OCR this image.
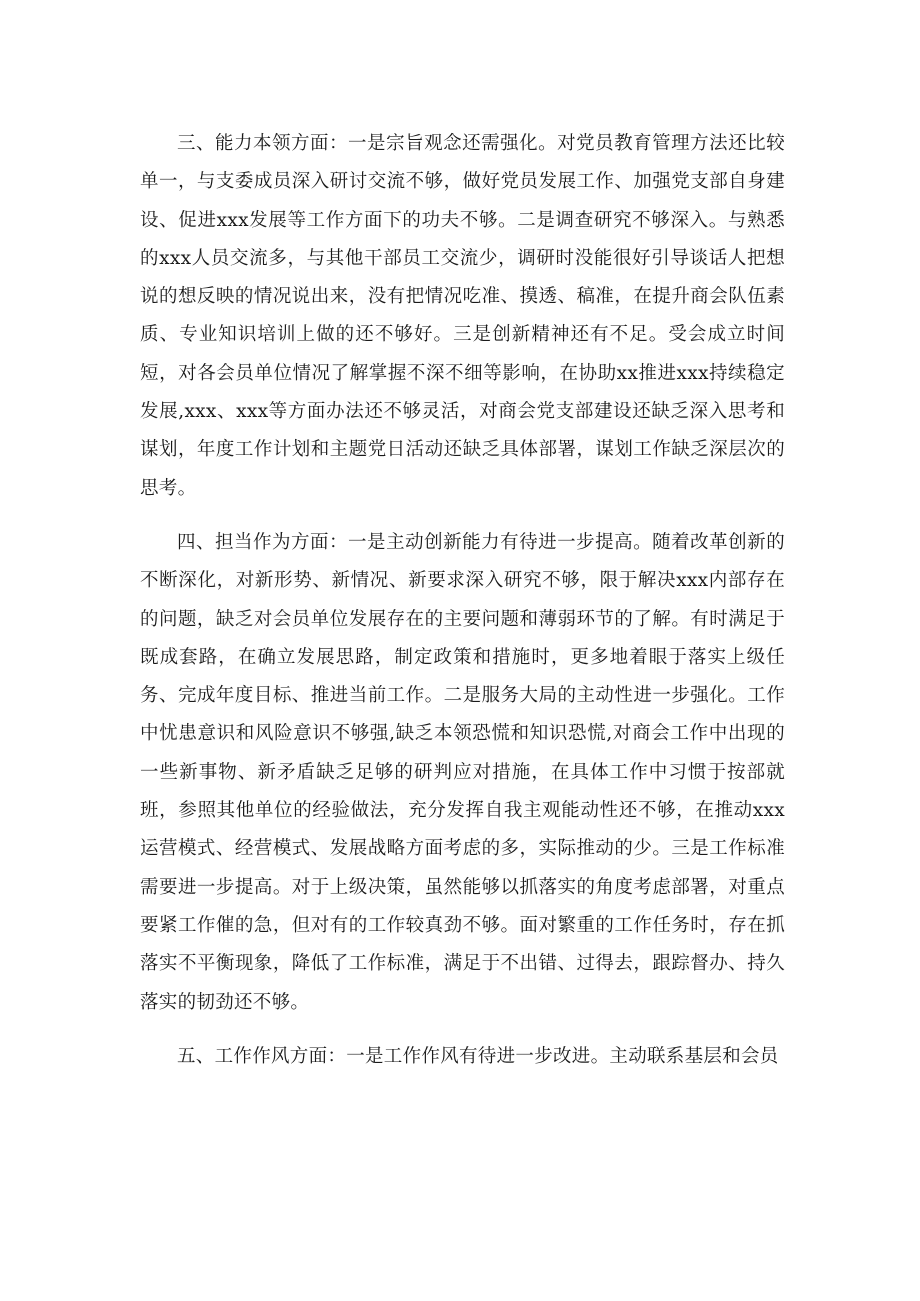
三、能力本领方面：一是宗旨观念还需强化。对党员教育管理方法还比较单一，与支委成员深入研讨交流不够，做好党员发展工作、加强党支部自身建设、促进xxx发展等工作方面下的功夫不够。二是调查研究不够深入。与熟悉的xxx人员交流多，与其他干部员工交流少，调研时没能很好引导谈话人把想说的想反映的情况说出来，没有把情况吃准、摸透、稿准，在提升商会队伍素质、专业知识培训上做的还不够好。三是创新精神还有不足。受会成立时间短，对各会员单位情况了解掌握不深不细等影响，在协助xx推进xxx持续稳定发展,xxx、xxx等方面办法还不够灵活，对商会党支部建设还缺乏深入思考和谋划，年度工作计划和主题党日活动还缺乏具体部署，谋划工作缺乏深层次的思考。

四、担当作为方面：一是主动创新能力有待进一步提高。随着改革创新的不断深化，对新形势、新情况、新要求深入研究不够，限于解决xxx内部存在的问题，缺乏对会员单位发展存在的主要问题和薄弱环节的了解。有时满足于既成套路，在确立发展思路，制定政策和措施时，更多地着眼于落实上级任务、完成年度目标、推进当前工作。二是服务大局的主动性进一步强化。工作中忧患意识和风险意识不够强,缺乏本领恐慌和知识恐慌,对商会工作中出现的一些新事物、新矛盾缺乏足够的研判应对措施，在具体工作中习惯于按部就班，参照其他单位的经验做法，充分发挥自我主观能动性还不够，在推动xxx运营模式、经营模式、发展战略方面考虑的多，实际推动的少。三是工作标准需要进一步提高。对于上级决策，虽然能够以抓落实的角度考虑部署，对重点要紧工作催的急，但对有的工作较真劲不够。面对繁重的工作任务时，存在抓落实不平衡现象，降低了工作标准，满足于不出错、过得去，跟踪督办、持久落实的韧劲还不够。

五、工作作风方面：一是工作作风有待进一步改进。主动联系基层和会员
